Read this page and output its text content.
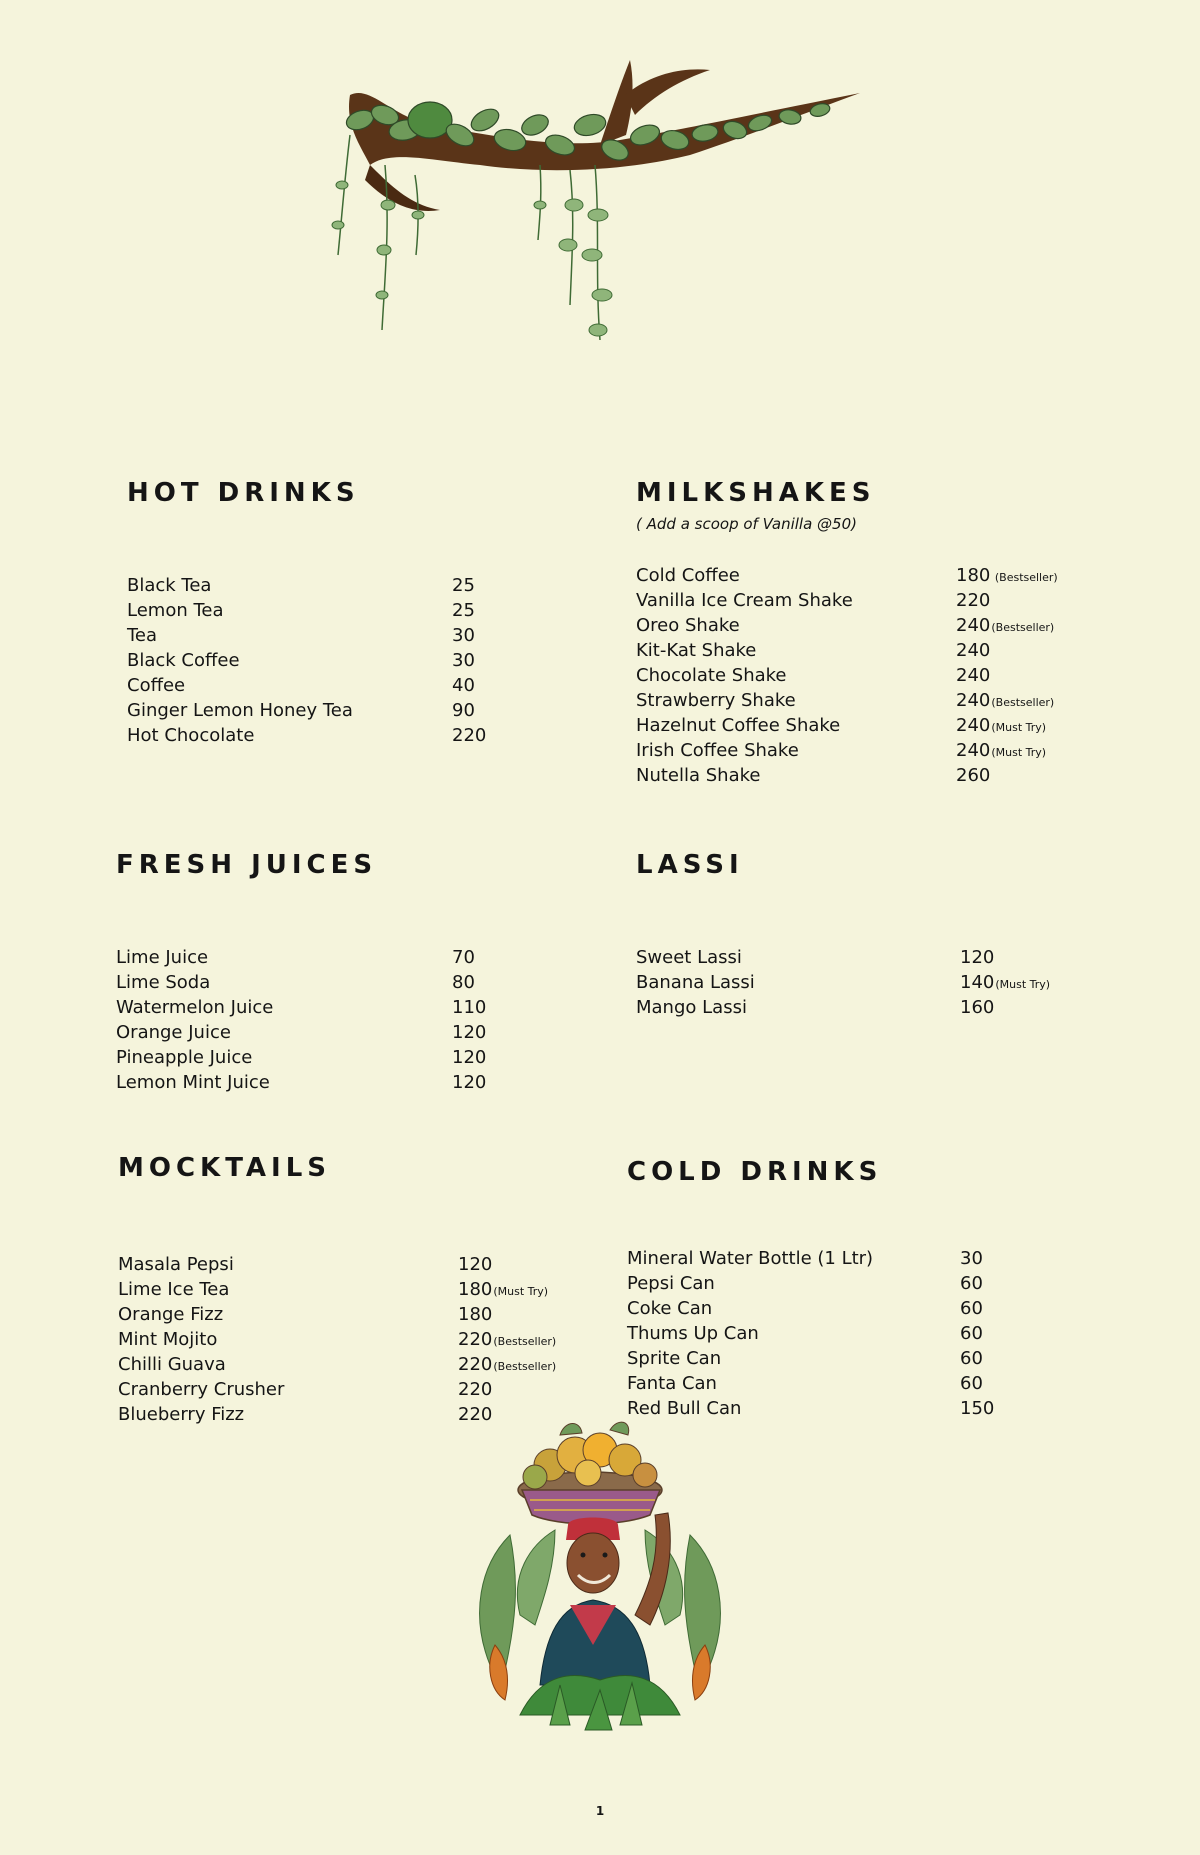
HOT DRINKS
Black Tea	25
Lemon Tea	25
Tea	30
Black Coffee	30
Coffee	40
Ginger Lemon Honey Tea	90
Hot Chocolate	220
MILKSHAKES

( Add a scoop of Vanilla @50)

Cold Coffee	180 (Bestseller)
Vanilla Ice Cream Shake	220
Oreo Shake	240(Bestseller)
Kit-Kat Shake	240
Chocolate Shake	240
Strawberry Shake	240(Bestseller)
Hazelnut Coffee Shake	240(Must Try)
Irish Coffee Shake	240(Must Try)
Nutella Shake	260
FRESH JUICES
Lime Juice	70
Lime Soda	80
Watermelon Juice	110
Orange Juice	120
Pineapple Juice	120
Lemon Mint Juice	120
LASSI
Sweet Lassi	120
Banana Lassi	140(Must Try)
Mango Lassi	160
MOCKTAILS
Masala Pepsi	120
Lime Ice Tea	180(Must Try)
Orange Fizz	180
Mint Mojito	220(Bestseller)
Chilli Guava	220(Bestseller)
Cranberry Crusher	220
Blueberry Fizz	220
COLD DRINKS
Mineral Water Bottle (1 Ltr)	30
Pepsi Can	60
Coke Can	60
Thums Up Can	60
Sprite Can	60
Fanta Can	60
Red Bull Can	150
1
